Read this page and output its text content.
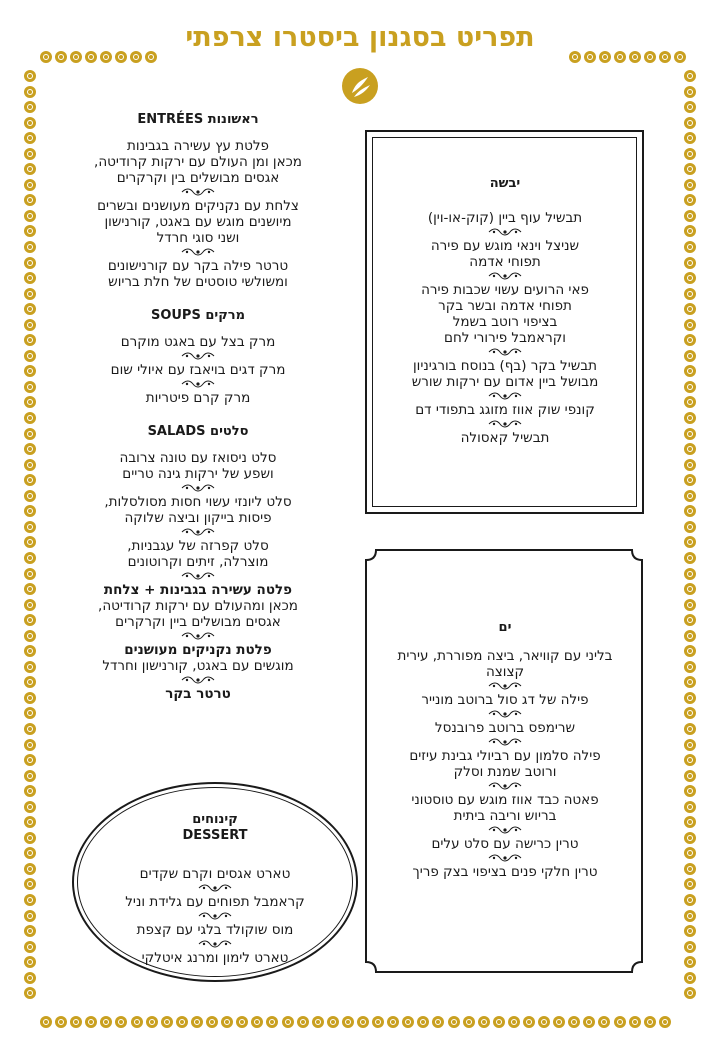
תפריט בסגנון ביסטרו צרפתי
ראשונות ENTRÉES
פלטת עץ עשירה בגבינות
מכאן ומן העולם עם ירקות קרודיטה,
אגסים מבושלים בין וקרקרים
צלחת עם נקניקים מעושנים ובשרים
מיושנים מוגש עם באגט, קורנישון
ושני סוגי חרדל
טרטר פילה בקר עם קורנישונים
ומשולשי טוסטים של חלת בריוש
מרקים SOUPS
מרק בצל עם באגט מוקרם
מרק דגים בויאבז עם איולי שום
מרק קרם פיטריות
סלטים SALADS
סלט ניסואז עם טונה צרובה
ושפע של ירקות גינה טריים
סלט ליונזי עשוי חסות מסולסלות,
פיסות בייקון וביצה שלוקה
סלט קפרזה של עגבניות,
מוצרלה, זיתים וקרוטונים
פלטה עשירה בגבינות + צלחת
מכאן ומהעולם עם ירקות קרודיטה,
אגסים מבושלים ביין וקרקרים
פלטת נקניקים מעושנים
מוגשים עם באגט, קורנישון וחרדל
טרטר בקר
יבשה
תבשיל עוף ביין (קוק-או-וין)
שניצל וינאי מוגש עם פירה
תפוחי אדמה
פאי הרועים עשוי שכבות פירה
תפוחי אדמה ובשר בקר
בציפוי רוטב בשמל
וקראמבל פירורי לחם
תבשיל בקר (בף) בנוסח בורגיניון
מבושל ביין אדום עם ירקות שורש
קונפי שוק אווז מזוגג בתפודי דם
תבשיל קאסולה
ים
בליני עם קוויאר, ביצה מפוררת, עירית
קצוצה
פילה של דג סול ברוטב מונייר
שרימפס ברוטב פרובנסל
פילה סלמון עם רביולי גבינת עיזים
ורוטב שמנת וסלק
פאטה כבד אווז מוגש עם טוסטוני
בריוש וריבה ביתית
טרין כרישה עם סלט עלים
טרין חלקי פנים בציפוי בצק פריך
קינוחים
DESSERT
טארט אגסים וקרם שקדים
קראמבל תפוחים עם גלידת וניל
מוס שוקולד בלגי עם קצפת
טארט לימון ומרנג איטלקי
